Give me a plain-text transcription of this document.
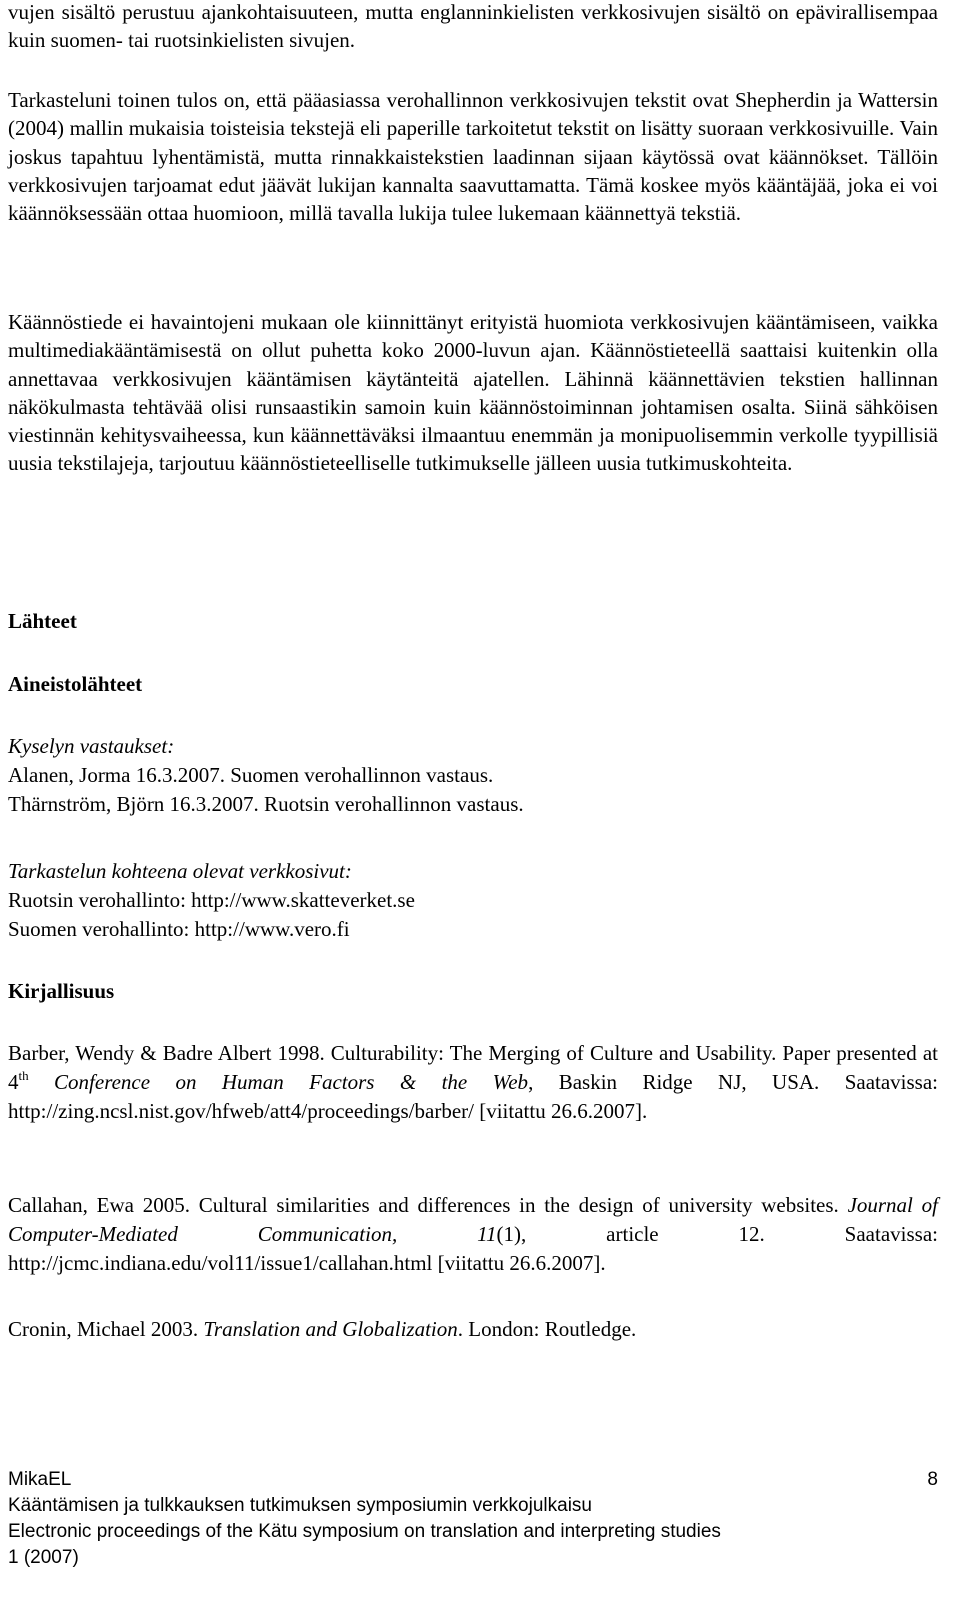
vujen sisältö perustuu ajankohtaisuuteen, mutta englanninkielisten verkkosivujen sisältö on epävirallisempaa kuin suomen- tai ruotsinkielisten sivujen.

Tarkasteluni toinen tulos on, että pääasiassa verohallinnon verkkosivujen tekstit ovat Shepherdin ja Wattersin (2004) mallin mukaisia toisteisia tekstejä eli paperille tarkoitetut tekstit on lisätty suoraan verkkosivuille. Vain joskus tapahtuu lyhentämistä, mutta rinnakkaistekstien laadinnan sijaan käytössä ovat käännökset. Tällöin verkkosivujen tarjoamat edut jäävät lukijan kannalta saavuttamatta. Tämä koskee myös kääntäjää, joka ei voi käännöksessään ottaa huomioon, millä tavalla lukija tulee lukemaan käännettyä tekstiä.

Käännöstiede ei havaintojeni mukaan ole kiinnittänyt erityistä huomiota verkkosivujen kääntämiseen, vaikka multimediakääntämisestä on ollut puhetta koko 2000-luvun ajan. Käännöstieteellä saattaisi kuitenkin olla annettavaa verkkosivujen kääntämisen käytänteitä ajatellen. Lähinnä käännettävien tekstien hallinnan näkökulmasta tehtävää olisi runsaastikin samoin kuin käännöstoiminnan johtamisen osalta. Siinä sähköisen viestinnän kehitysvaiheessa, kun käännettäväksi ilmaantuu enemmän ja monipuolisemmin verkolle tyypillisiä uusia tekstilajeja, tarjoutuu käännöstieteelliselle tutkimukselle jälleen uusia tutkimuskohteita.

Lähteet
Aineistolähteet
Kyselyn vastaukset:
Alanen, Jorma 16.3.2007. Suomen verohallinnon vastaus.
Thärnström, Björn 16.3.2007. Ruotsin verohallinnon vastaus.
Tarkastelun kohteena olevat verkkosivut:
Ruotsin verohallinto: http://www.skatteverket.se
Suomen verohallinto: http://www.vero.fi
Kirjallisuus

Barber, Wendy & Badre Albert 1998. Culturability: The Merging of Culture and Usability. Paper presented at 4th Conference on Human Factors & the Web, Baskin Ridge NJ, USA. Saatavissa: http://zing.ncsl.nist.gov/hfweb/att4/proceedings/barber/ [viitattu 26.6.2007].

Callahan, Ewa 2005. Cultural similarities and differences in the design of university websites. Journal of Computer-Mediated Communication, 11(1), article 12. Saatavissa: http://jcmc.indiana.edu/vol11/issue1/callahan.html [viitattu 26.6.2007].

Cronin, Michael 2003. Translation and Globalization. London: Routledge.

MikaEL	8
Kääntämisen ja tulkkauksen tutkimuksen symposiumin verkkojulkaisu
Electronic proceedings of the Kätu symposium on translation and interpreting studies
1 (2007)
